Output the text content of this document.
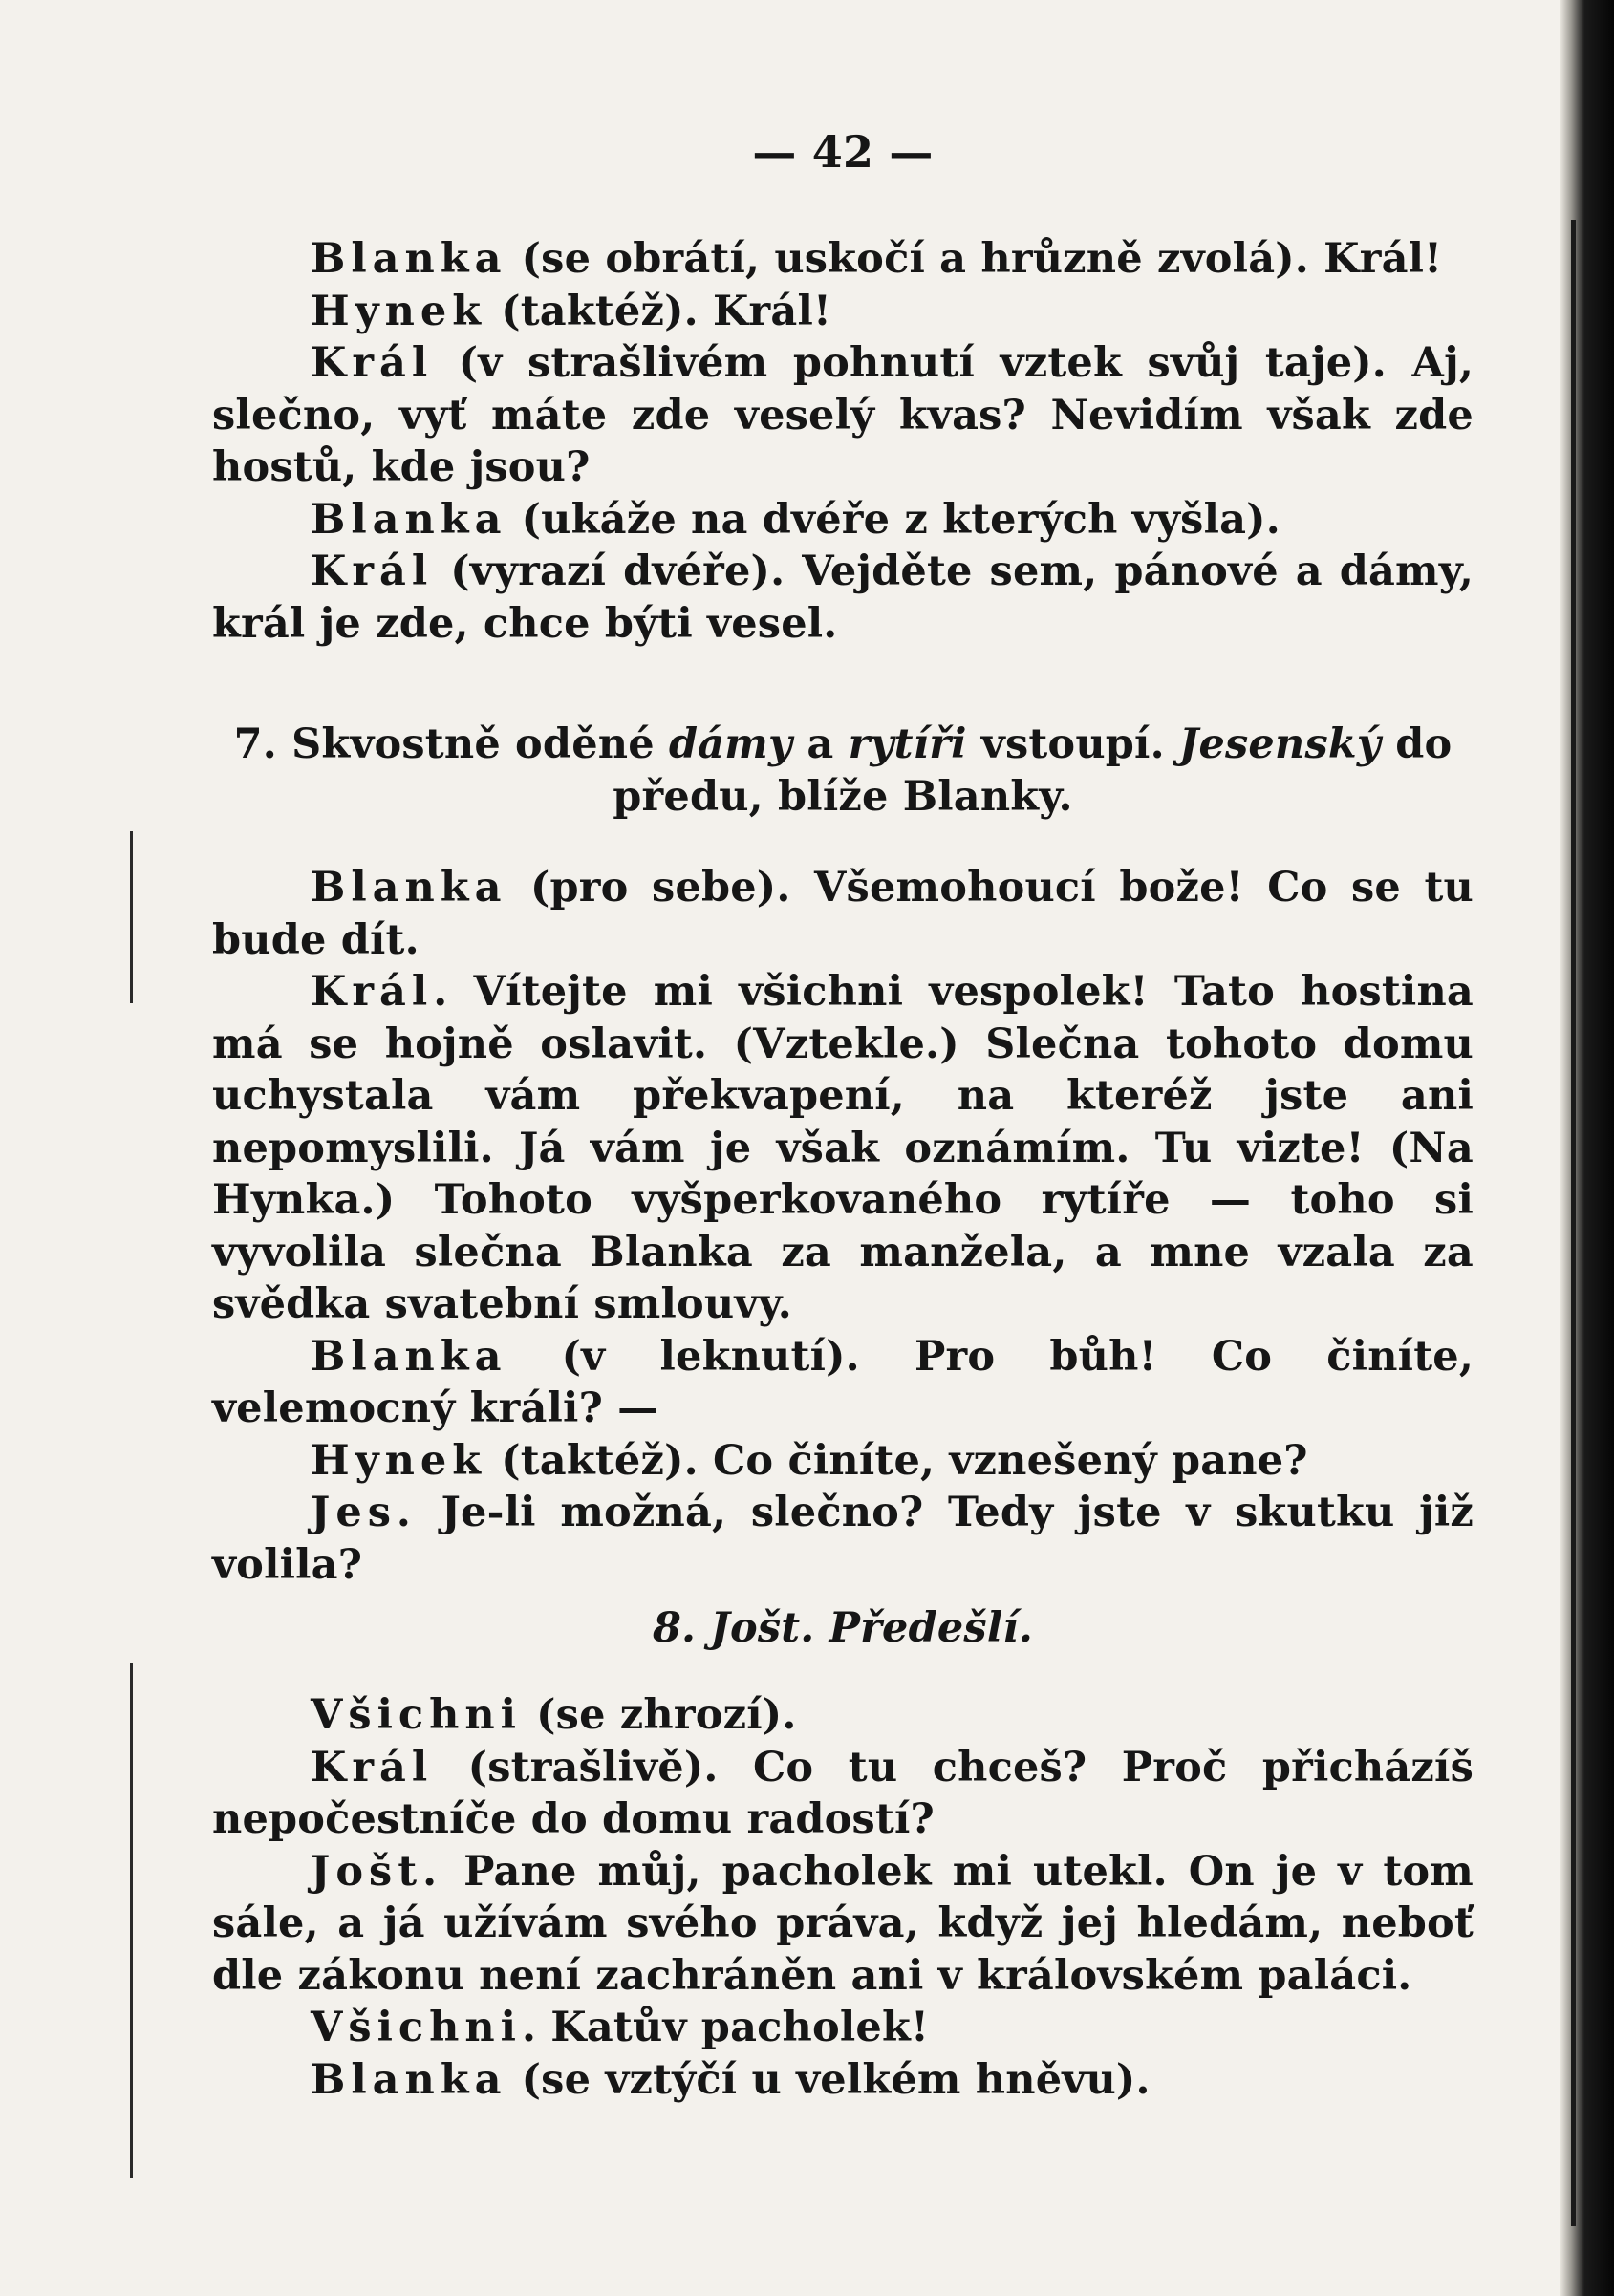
— 42 —

Blanka (se obrátí, uskočí a hrůzně zvolá). Král!

Hynek (taktéž). Král!

Král (v strašlivém pohnutí vztek svůj taje). Aj, slečno, vyť máte zde veselý kvas? Nevidím však zde hostů, kde jsou?

Blanka (ukáže na dvéře z kterých vyšla).

Král (vyrazí dvéře). Vejděte sem, pánové a dámy, král je zde, chce býti vesel.

7. Skvostně oděné dámy a rytíři vstoupí. Jesenský do předu, blíže Blanky.

Blanka (pro sebe). Všemohoucí bože! Co se tu bude dít.

Král. Vítejte mi všichni vespolek! Tato hostina má se hojně oslavit. (Vztekle.) Slečna tohoto domu uchystala vám překvapení, na kteréž jste ani nepomyslili. Já vám je však oznámím. Tu vizte! (Na Hynka.) Tohoto vyšperkovaného rytíře — toho si vyvolila slečna Blanka za manžela, a mne vzala za svědka svatební smlouvy.

Blanka (v leknutí). Pro bůh! Co činíte, velemocný králi? —

Hynek (taktéž). Co činíte, vznešený pane?

Jes. Je-li možná, slečno? Tedy jste v skutku již volila?

8. Jošt. Předešlí.

Všichni (se zhrozí).

Král (strašlivě). Co tu chceš? Proč přicházíš nepočestníče do domu radostí?

Jošt. Pane můj, pacholek mi utekl. On je v tom sále, a já užívám svého práva, když jej hledám, neboť dle zákonu není zachráněn ani v královském paláci.

Všichni. Katův pacholek!

Blanka (se vztýčí u velkém hněvu).
